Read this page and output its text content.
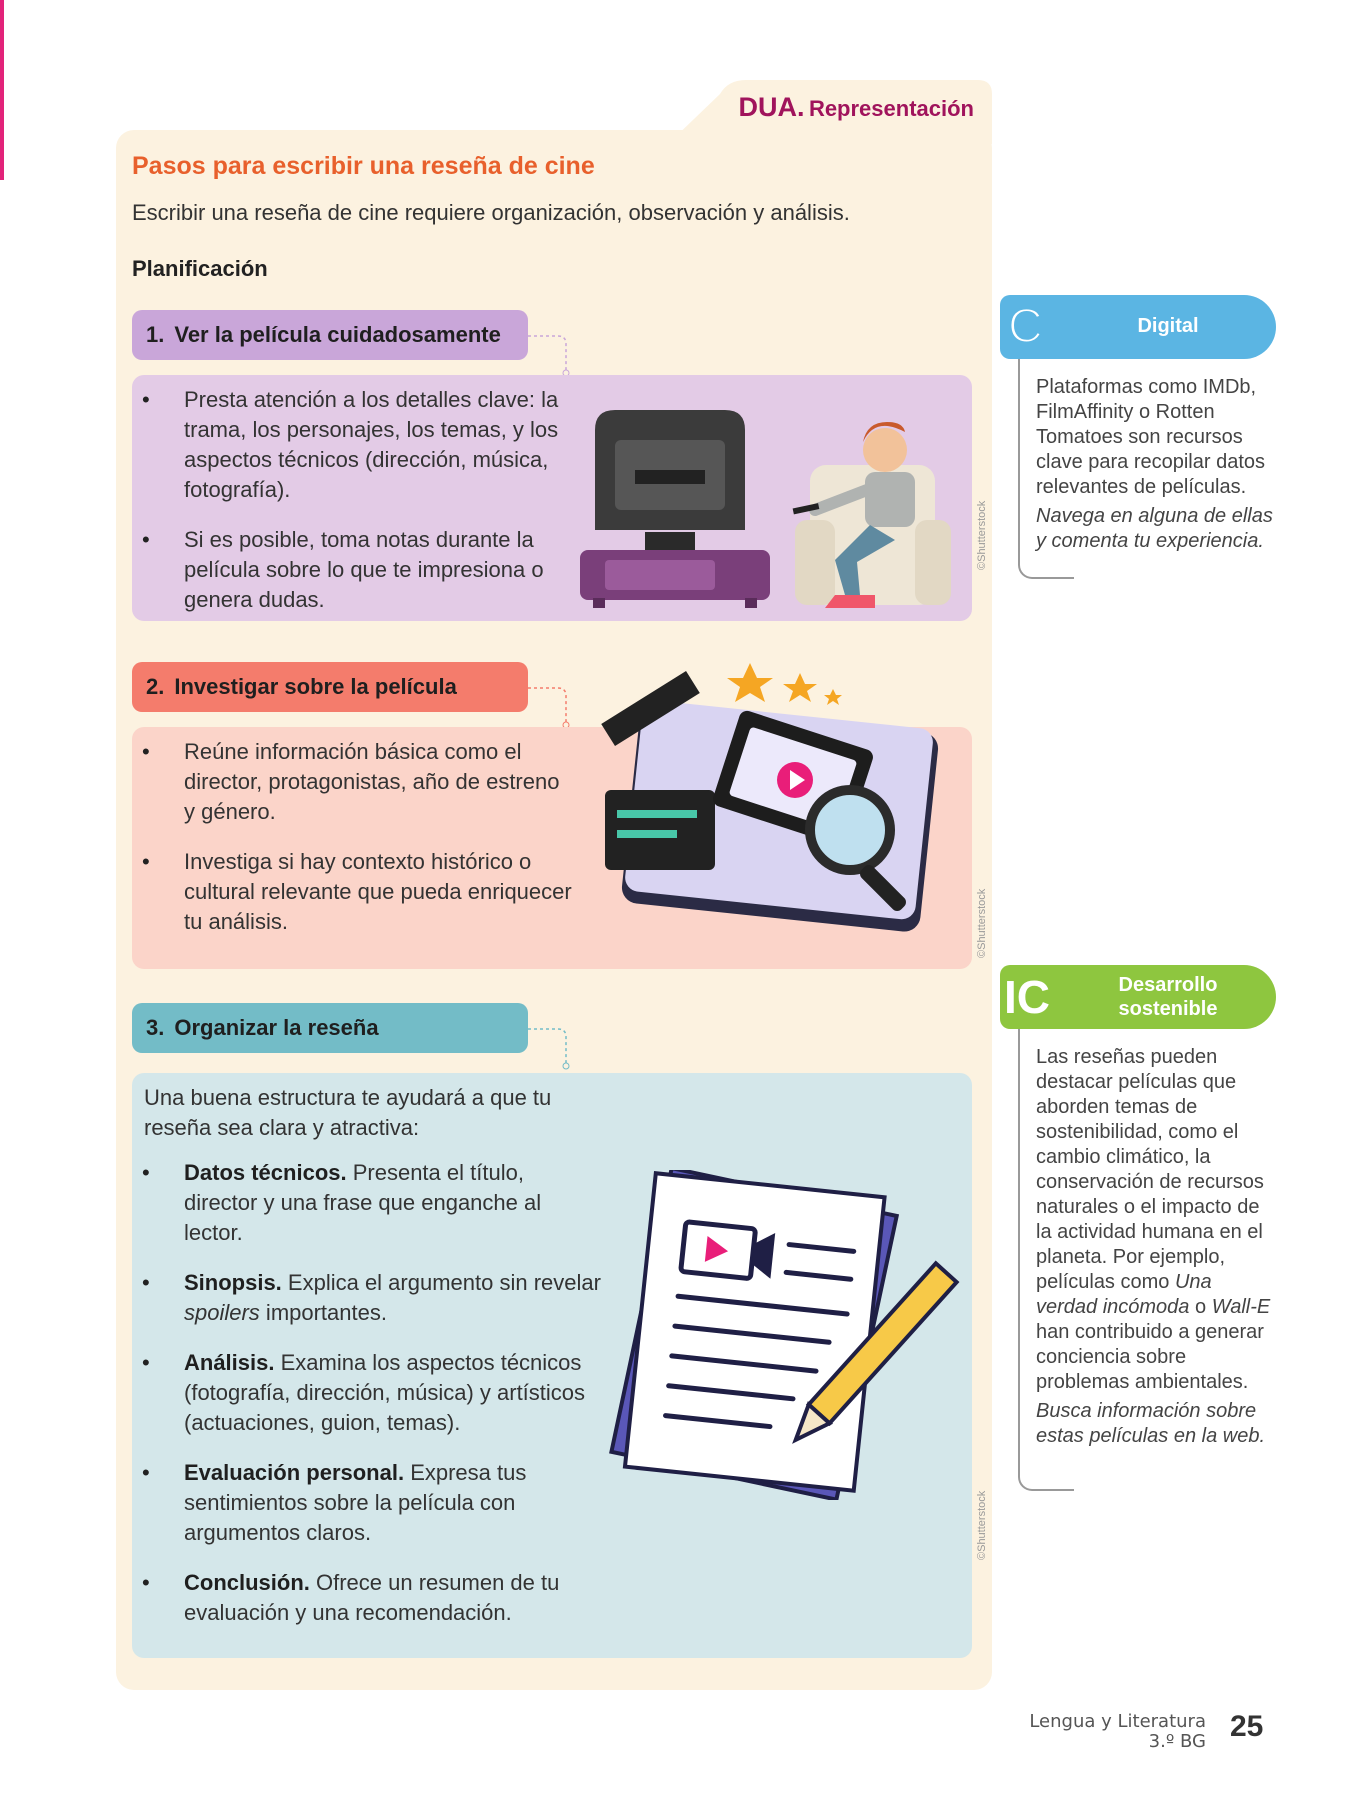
DUA. Representación
Pasos para escribir una reseña de cine
Escribir una reseña de cine requiere organización, observación y análisis.
Planificación
1. Ver la película cuidadosamente
• Presta atención a los detalles clave: la trama, los personajes, los temas, y los aspectos técnicos (dirección, música, fotografía).
• Si es posible, toma notas durante la película sobre lo que te impresiona o genera dudas.
©Shutterstock
2. Investigar sobre la película
• Reúne información básica como el director, protagonistas, año de estreno y género.
• Investiga si hay contexto histórico o cultural relevante que pueda enriquecer tu análisis.	©Shutterstock
3. Organizar la reseña
Una buena estructura te ayudará a que tu reseña sea clara y atractiva:
• Datos técnicos. Presenta el título, director y una frase que enganche al lector.
• Sinopsis. Explica el argumento sin revelar spoilers importantes.
• Análisis. Examina los aspectos técnicos (fotografía, dirección, música) y artísticos (actuaciones, guion, temas).
• Evaluación personal. Expresa tus sentimientos sobre la película con argumentos claros.
• Conclusión. Ofrece un resumen de tu evaluación y una recomendación.
©Shutterstock
C	Digital
Plataformas como IMDb, FilmAffinity o Rotten Tomatoes son recursos clave para recopilar datos relevantes de películas.
Navega en alguna de ellas y comenta tu experiencia.
IC	Desarrollo
sostenible
Las reseñas pueden destacar películas que aborden temas de sostenibilidad, como el cambio climático, la conservación de recursos naturales o el impacto de la actividad humana en el planeta. Por ejemplo, películas como Una verdad incómoda o Wall-E han contribuido a generar conciencia sobre problemas ambientales.
Busca información sobre estas películas en la web.
Lengua y Literatura
3.º BG 25
